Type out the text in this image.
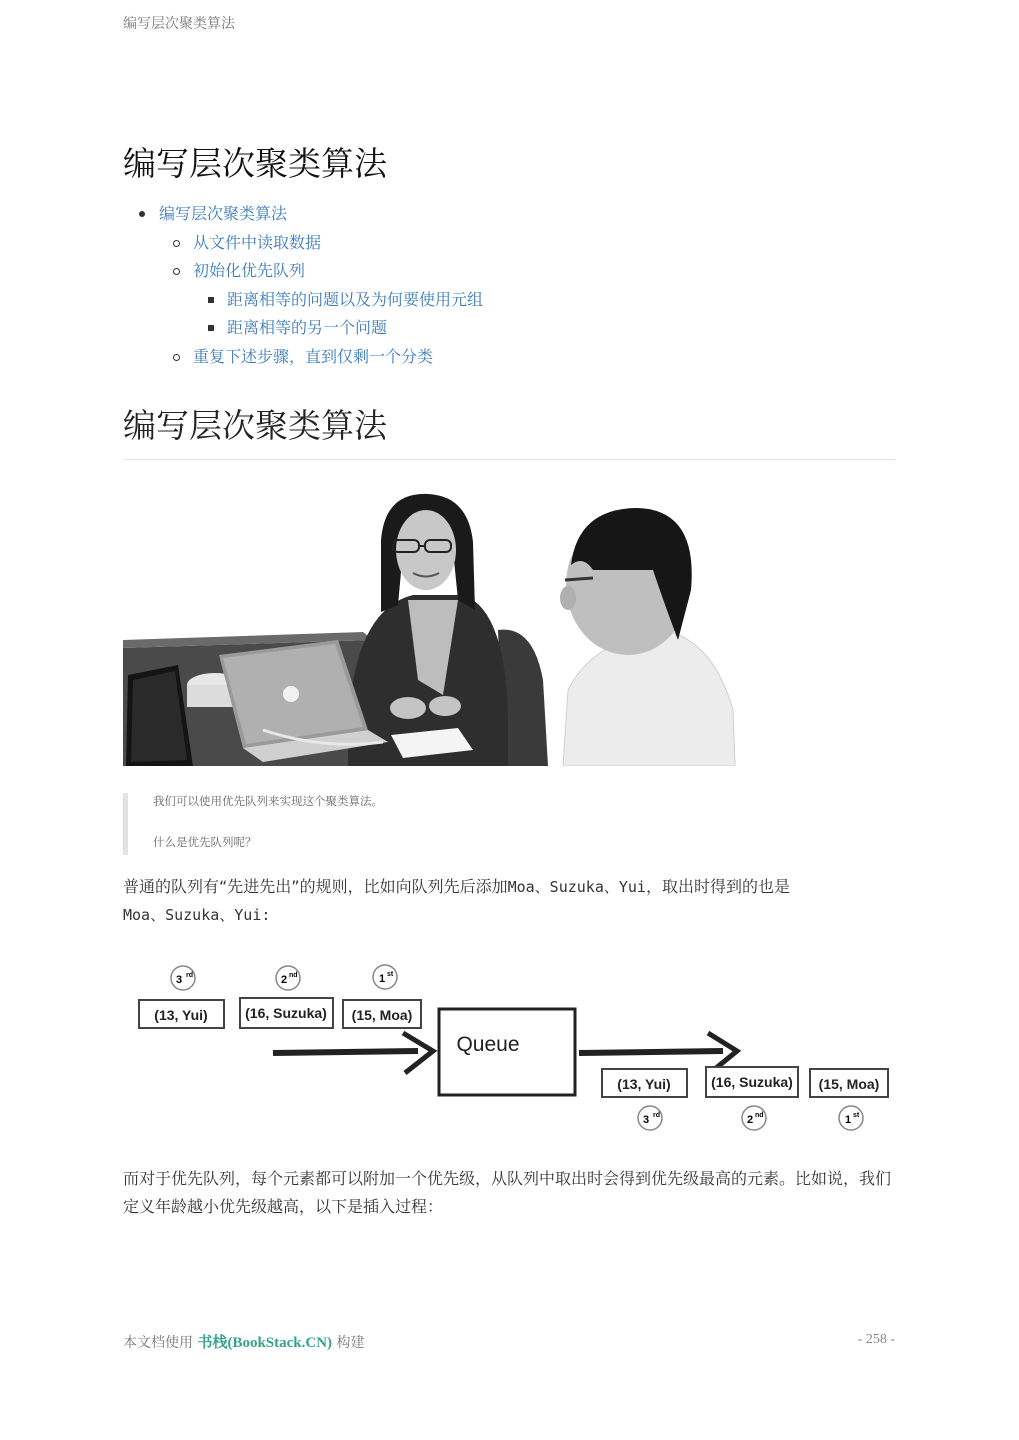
编写层次聚类算法
编写层次聚类算法
编写层次聚类算法
从文件中读取数据
初始化优先队列
距离相等的问题以及为何要使用元组
距离相等的另一个问题
重复下述步骤，直到仅剩一个分类
编写层次聚类算法

我们可以使用优先队列来实现这个聚类算法。

什么是优先队列呢？

普通的队列有“先进先出”的规则，比如向队列先后添加Moa、Suzuka、Yui，取出时得到的也是
Moa、Suzuka、Yui:
3 rd	2 nd	1 st
(13, Yui)	(16, Suzuka) (15, Moa)
Queue
(13, Yui)	(16, Suzuka) (15, Moa)
3 rd	2 nd	1 st
而对于优先队列，每个元素都可以附加一个优先级，从队列中取出时会得到优先级最高的元素。比如说，我们定义年龄越小优先级越高，以下是插入过程：
本文档使用 书栈(BookStack.CN) 构建	- 258 -
